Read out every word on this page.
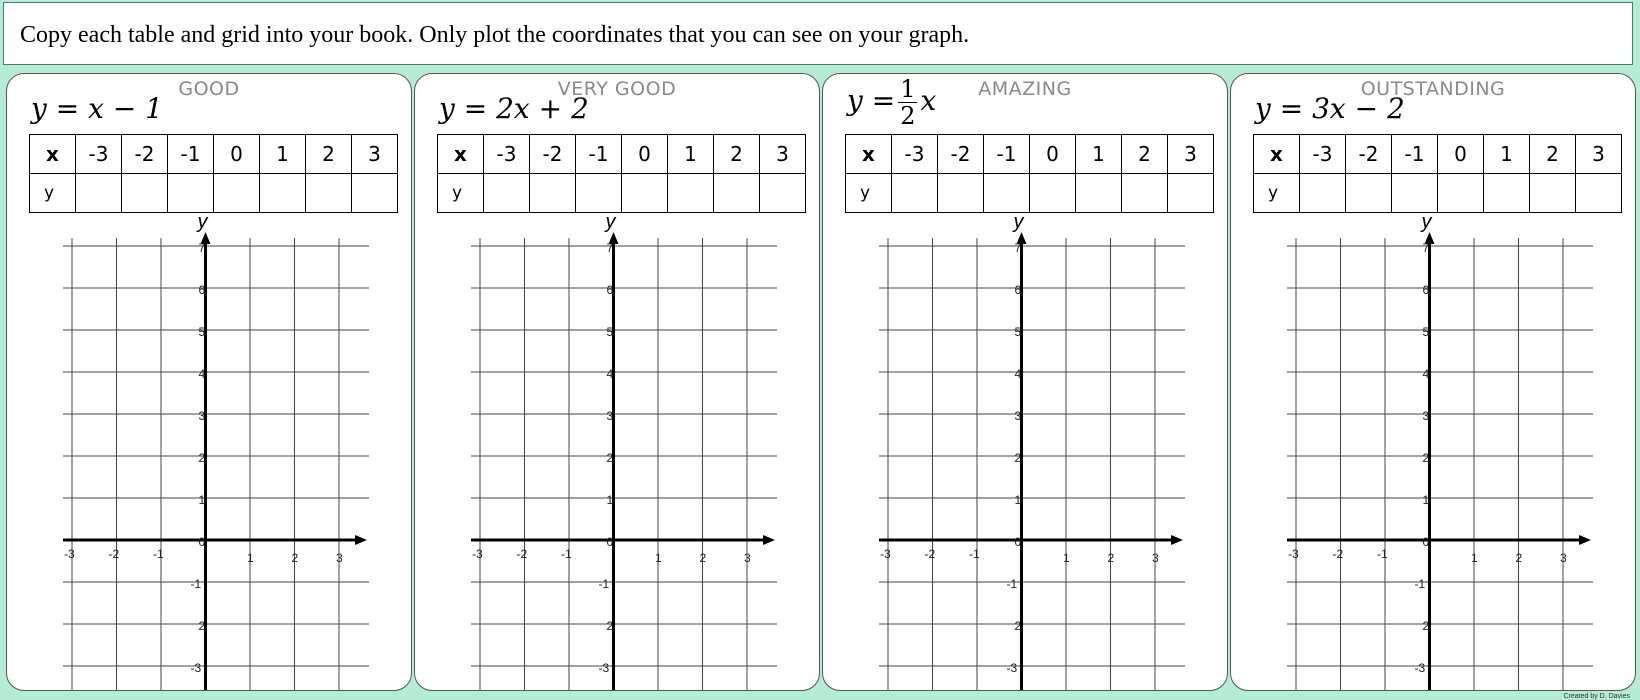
Copy each table and grid into your book. Only plot the coordinates that you can see on your graph.
GOOD
y = x − 1
x	-3	-2	-1	0	1	2	3
y							
y
-3	-2	-1	1	2	3
7
6
5
4
3
2
1
0
-1
2
-3
VERY GOOD
y = 2x + 2
x	-3	-2	-1	0	1	2	3
y							
y
-3	-2	-1	1	2	3
7
6
5
4
3
2
1
0
-1
2
-3
AMAZING
$y = \frac{1}{2}$ x
x	-3	-2	-1	0	1	2	3
y							
y
-3	-2	-1	1	2	3
7
6
5
4
3
2
1
0
-1
2
-3
OUTSTANDING
y = 3x − 2
x	-3	-2	-1	0	1	2	3
y							
y
-3	-2	-1	1	2	3
7
6
5
4
3
2
1
0
-1
2
-3
Created by D. Davies
